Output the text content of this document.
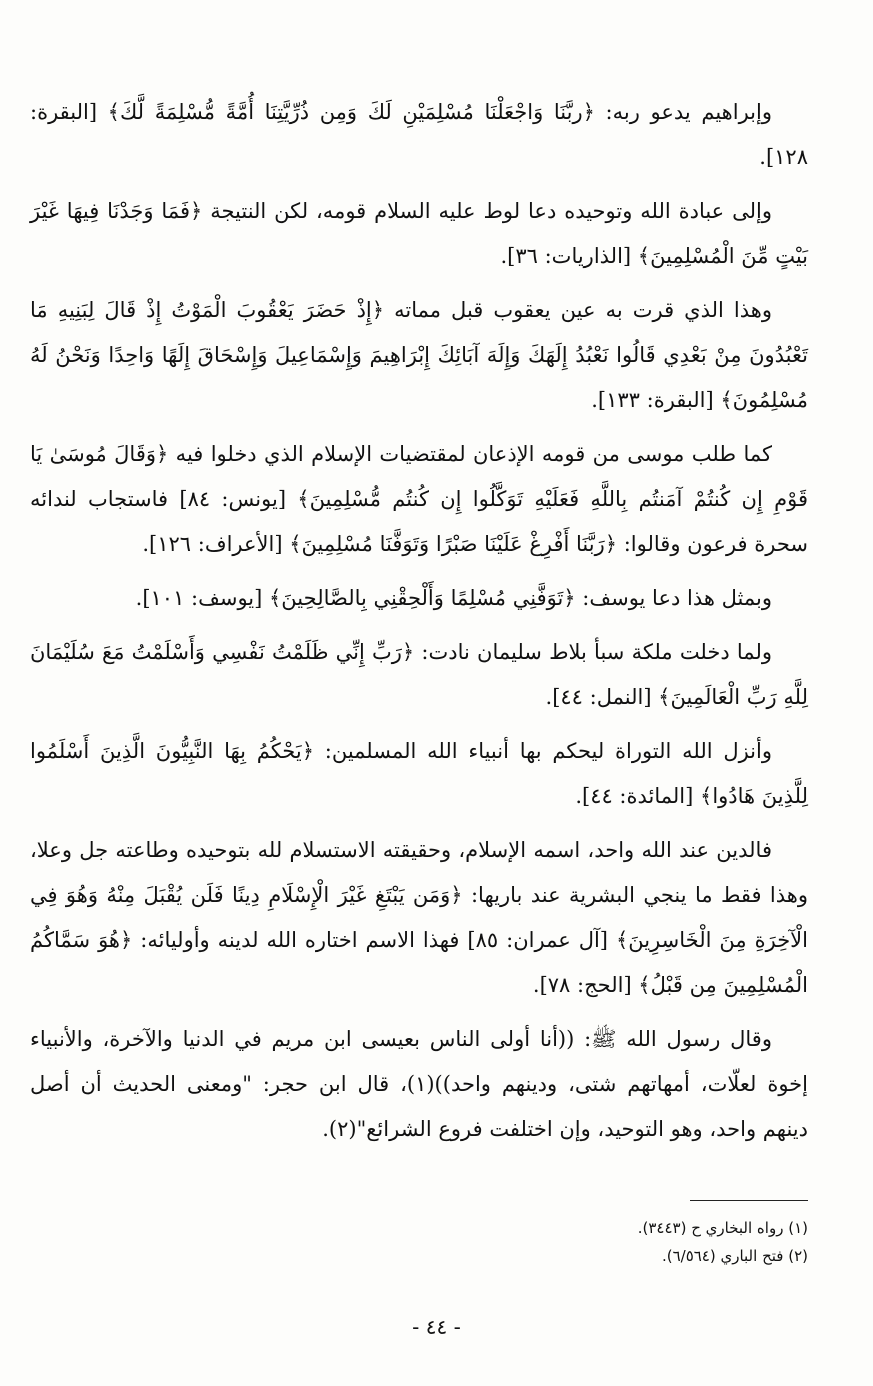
وإبراهيم يدعو ربه: ﴿ربَّنَا وَاجْعَلْنَا مُسْلِمَيْنِ لَكَ وَمِن ذُرِّيَّتِنَا أُمَّةً مُّسْلِمَةً لَّكَ﴾ [البقرة: ١٢٨].

وإلى عبادة الله وتوحيده دعا لوط عليه السلام قومه، لكن النتيجة ﴿فَمَا وَجَدْنَا فِيهَا غَيْرَ بَيْتٍ مِّنَ الْمُسْلِمِينَ﴾ [الذاريات: ٣٦].

وهذا الذي قرت به عين يعقوب قبل مماته ﴿إِذْ حَضَرَ يَعْقُوبَ الْمَوْتُ إِذْ قَالَ لِبَنِيهِ مَا تَعْبُدُونَ مِنْ بَعْدِي قَالُوا نَعْبُدُ إِلَهَكَ وَإِلَهَ آبَائِكَ إِبْرَاهِيمَ وَإِسْمَاعِيلَ وَإِسْحَاقَ إِلَهًا وَاحِدًا وَنَحْنُ لَهُ مُسْلِمُونَ﴾ [البقرة: ١٣٣].

كما طلب موسى من قومه الإذعان لمقتضيات الإسلام الذي دخلوا فيه ﴿وَقَالَ مُوسَىٰ يَا قَوْمِ إِن كُنتُمْ آمَنتُم بِاللَّهِ فَعَلَيْهِ تَوَكَّلُوا إِن كُنتُم مُّسْلِمِينَ﴾ [يونس: ٨٤] فاستجاب لندائه سحرة فرعون وقالوا: ﴿رَبَّنَا أَفْرِغْ عَلَيْنَا صَبْرًا وَتَوَفَّنَا مُسْلِمِينَ﴾ [الأعراف: ١٢٦].

وبمثل هذا دعا يوسف: ﴿تَوَفَّنِي مُسْلِمًا وَأَلْحِقْنِي بِالصَّالِحِينَ﴾ [يوسف: ١٠١].

ولما دخلت ملكة سبأ بلاط سليمان نادت: ﴿رَبِّ إِنِّي ظَلَمْتُ نَفْسِي وَأَسْلَمْتُ مَعَ سُلَيْمَانَ لِلَّهِ رَبِّ الْعَالَمِينَ﴾ [النمل: ٤٤].

وأنزل الله التوراة ليحكم بها أنبياء الله المسلمين: ﴿يَحْكُمُ بِهَا النَّبِيُّونَ الَّذِينَ أَسْلَمُوا لِلَّذِينَ هَادُوا﴾ [المائدة: ٤٤].

فالدين عند الله واحد، اسمه الإسلام، وحقيقته الاستسلام لله بتوحيده وطاعته جل وعلا، وهذا فقط ما ينجي البشرية عند باريها: ﴿وَمَن يَبْتَغِ غَيْرَ الْإِسْلَامِ دِينًا فَلَن يُقْبَلَ مِنْهُ وَهُوَ فِي الْآخِرَةِ مِنَ الْخَاسِرِينَ﴾ [آل عمران: ٨٥] فهذا الاسم اختاره الله لدينه وأوليائه: ﴿هُوَ سَمَّاكُمُ الْمُسْلِمِينَ مِن قَبْلُ﴾ [الحج: ٧٨].

وقال رسول الله ﷺ: ((أنا أولى الناس بعيسى ابن مريم في الدنيا والآخرة، والأنبياء إخوة لعلّات، أمهاتهم شتى، ودينهم واحد))(١)، قال ابن حجر: "ومعنى الحديث أن أصل دينهم واحد، وهو التوحيد، وإن اختلفت فروع الشرائع"(٢).

(١) رواه البخاري ح (٣٤٤٣).

(٢) فتح الباري (٦/٥٦٤).

- ٤٤ -
